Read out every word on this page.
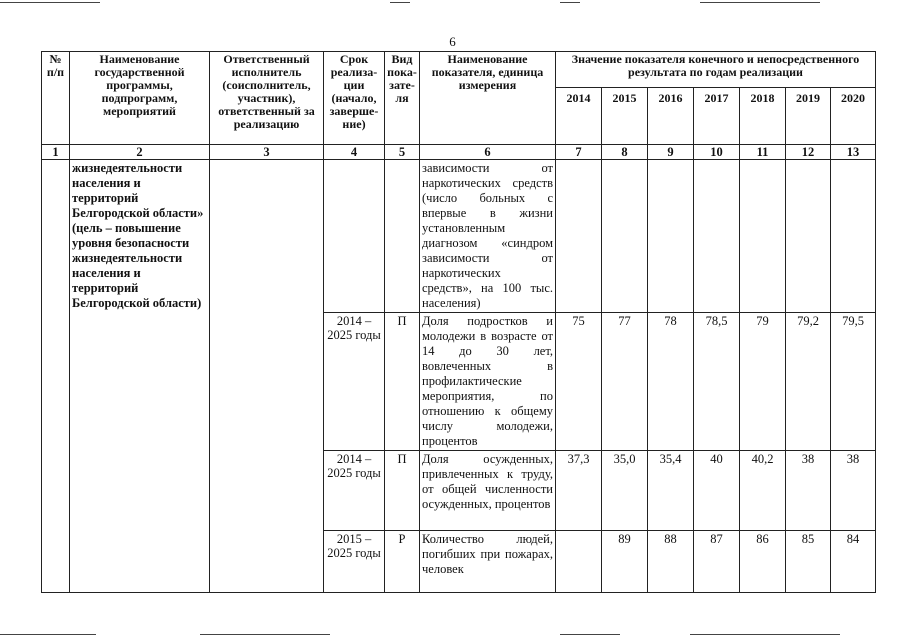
6
№ п/п	Наименование государственной программы, подпрограмм, мероприятий	Ответственный исполнитель (соисполнитель, участник), ответственный за реализацию	Срок реализа-ции (начало, заверше-ние)	Вид пока-зате-ля	Наименование показателя, единица измерения	Значение показателя конечного и непосредственного результата по годам реализации						
						2014	2015	2016	2017	2018	2019	2020
1	2	3	4	5	6	7	8	9	10	11	12	13
	жизнедеятельности населения и территорий Белгородской области» (цель – повышение уровня безопасности жизнедеятельности населения и территорий Белгородской области)				зависимости от наркотических средств (число больных с впервые в жизни установленным диагнозом «синдром зависимости от наркотических средств», на 100 тыс. населения)							
			2014 – 2025 годы	П	Доля подростков и молодежи в возрасте от 14 до 30 лет, вовлеченных в профилактические мероприятия, по отношению к общему числу молодежи, процентов	75	77	78	78,5	79	79,2	79,5
			2014 – 2025 годы	П	Доля осужденных, привлеченных к труду, от общей численности осужденных, процентов	37,3	35,0	35,4	40	40,2	38	38
			2015 – 2025 годы	Р	Количество людей, погибших при пожарах, человек		89	88	87	86	85	84
